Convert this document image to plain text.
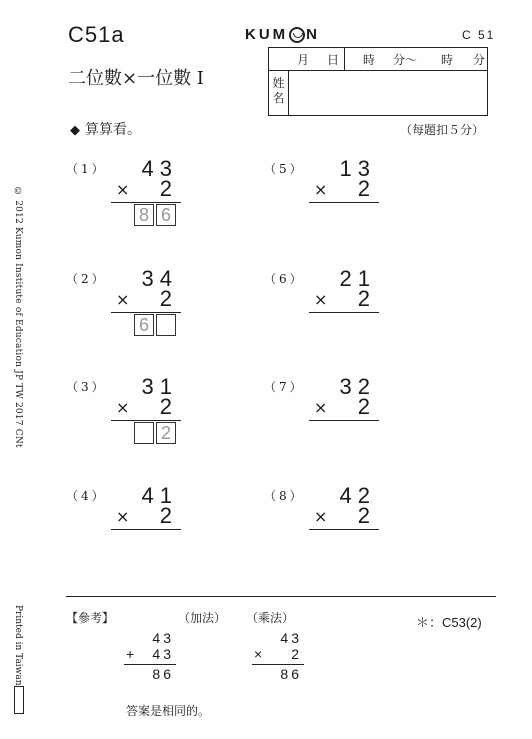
C51a
二位數×一位數 Ⅰ
KUM N	C 51
月 日 時 分〜 時 分
姓
名
◆ 算算看。	（每題扣５分）
© 2012 Kumon Institute of Education JP TW 2017 CNt
Printed in Taiwan
（1） 43
× 2
8 6
（2） 34
× 2
6
（3） 31
× 2
2
（4） 41
× 2
（5） 13
× 2
（6） 21
× 2
（7） 32
× 2
（8） 42
× 2
【參考】	（加法） （乘法）	＊：C53(2)
43
+ 43
86
43
× 2
86
答案是相同的。
